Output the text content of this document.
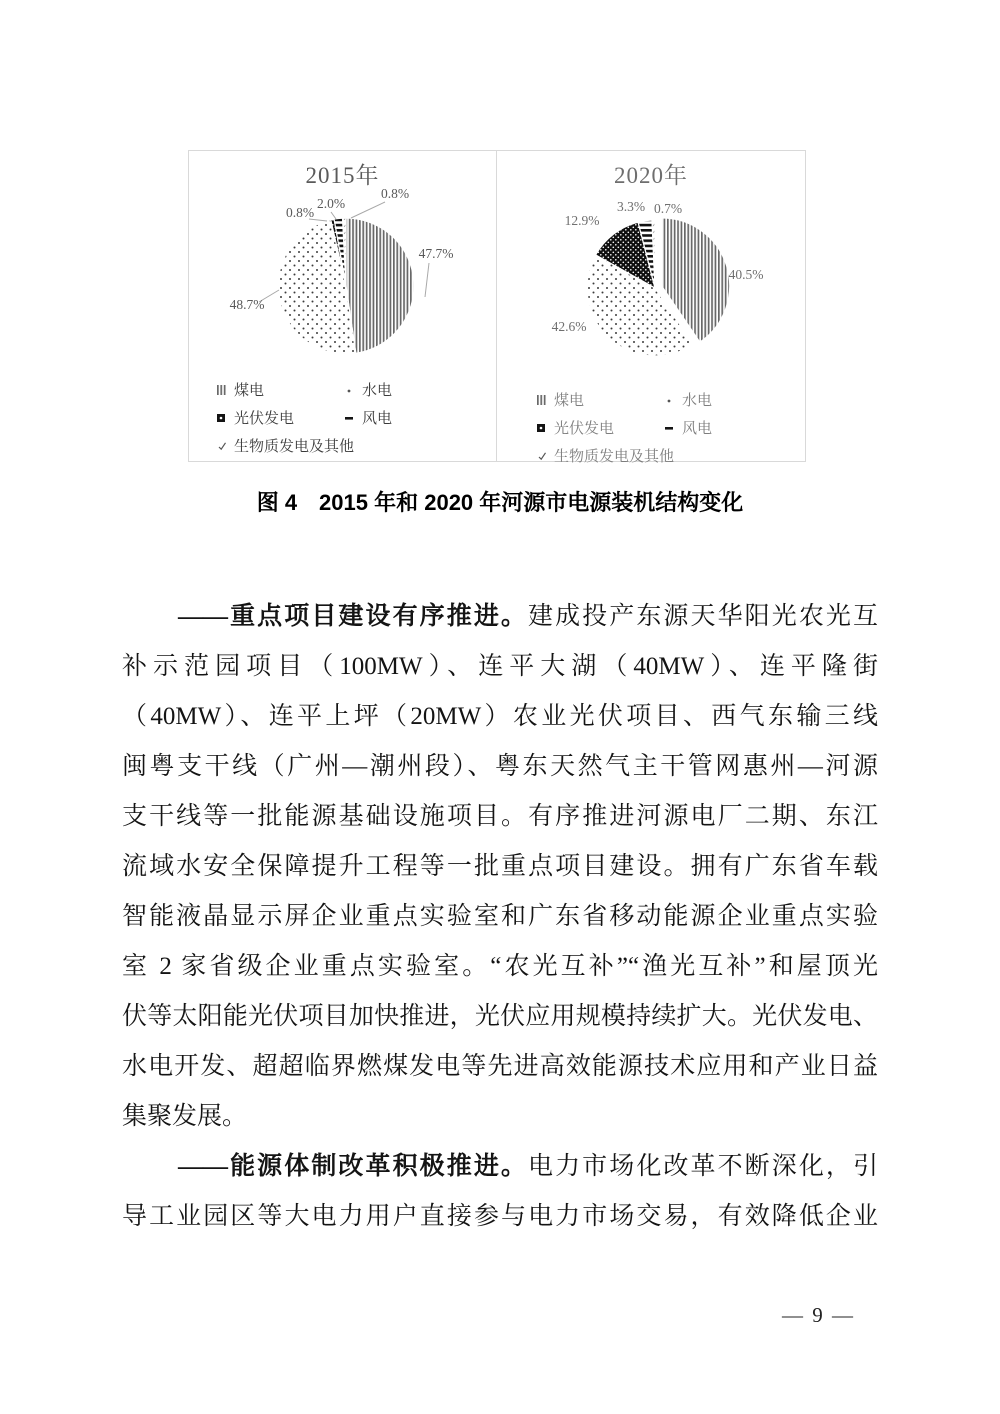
47.7%
48.7%
0.8%
2.0%
0.8%
2015年
煤电	水电
光伏发电	风电
生物质发电及其他
40.5%
42.6%
12.9%
3.3% 0.7%
2020年
煤电	水电
光伏发电	风电
生物质发电及其他
图 4　2015 年和 2020 年河源市电源装机结构变化
——重点项目建设有序推进。建成投产东源天华阳光农光互
补示范园项目（100MW）、连平大湖（40MW）、连平隆街
（40MW）、连平上坪（20MW）农业光伏项目、西气东输三线
闽粤支干线（广州—潮州段）、粤东天然气主干管网惠州—河源
支干线等一批能源基础设施项目。有序推进河源电厂二期、东江
流域水安全保障提升工程等一批重点项目建设。拥有广东省车载
智能液晶显示屏企业重点实验室和广东省移动能源企业重点实验
室 2 家省级企业重点实验室。“农光互补”“渔光互补”和屋顶光
伏等太阳能光伏项目加快推进，光伏应用规模持续扩大。光伏发电、
水电开发、超超临界燃煤发电等先进高效能源技术应用和产业日益
集聚发展。
——能源体制改革积极推进。电力市场化改革不断深化，引
导工业园区等大电力用户直接参与电力市场交易，有效降低企业
— 9 —
